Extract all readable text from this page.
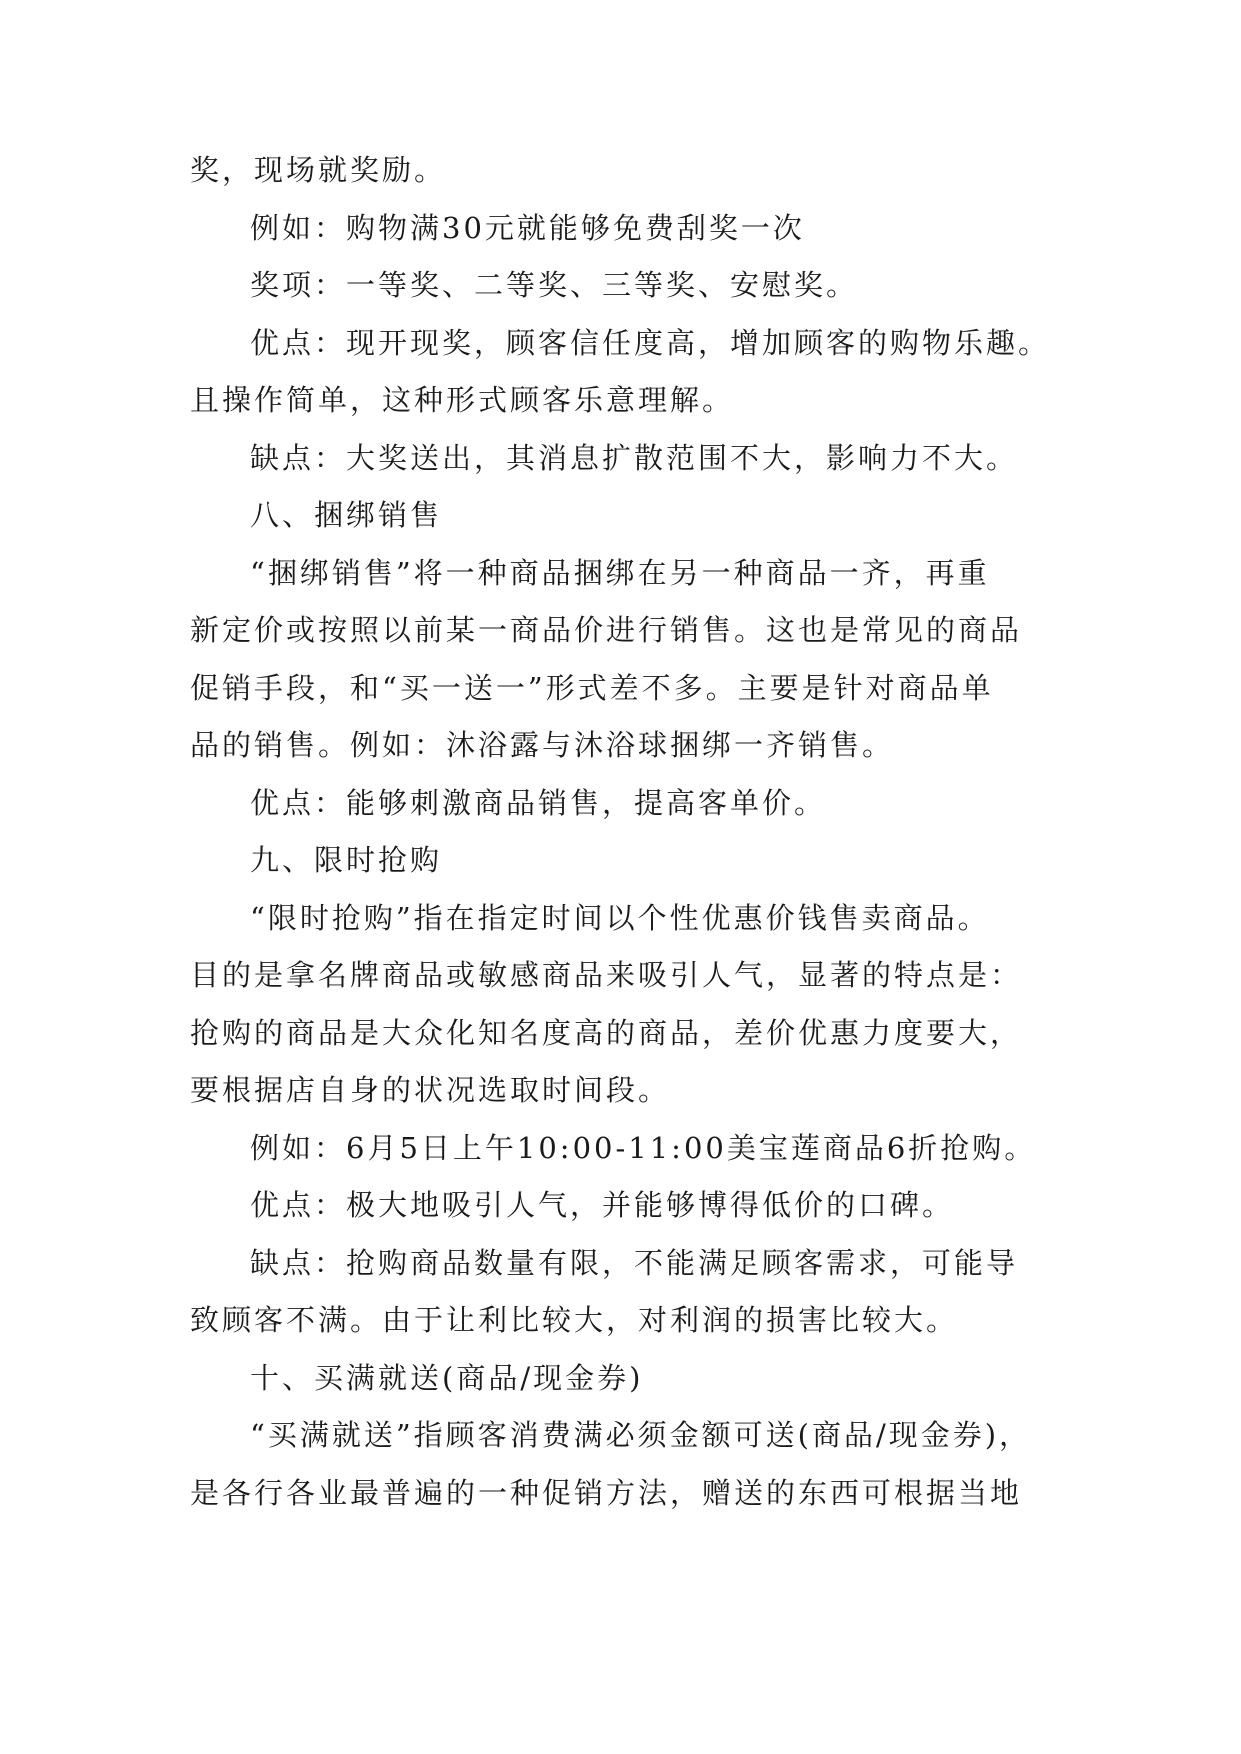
奖，现场就奖励。
例如：购物满30元就能够免费刮奖一次
奖项：一等奖、二等奖、三等奖、安慰奖。
优点：现开现奖，顾客信任度高，增加顾客的购物乐趣。
且操作简单，这种形式顾客乐意理解。
缺点：大奖送出，其消息扩散范围不大，影响力不大。
八、捆绑销售
“捆绑销售”将一种商品捆绑在另一种商品一齐，再重
新定价或按照以前某一商品价进行销售。这也是常见的商品
促销手段，和“买一送一”形式差不多。主要是针对商品单
品的销售。例如：沐浴露与沐浴球捆绑一齐销售。
优点：能够刺激商品销售，提高客单价。
九、限时抢购
“限时抢购”指在指定时间以个性优惠价钱售卖商品。
目的是拿名牌商品或敏感商品来吸引人气，显著的特点是：
抢购的商品是大众化知名度高的商品，差价优惠力度要大，
要根据店自身的状况选取时间段。
例如：6月5日上午10:00-11:00美宝莲商品6折抢购。
优点：极大地吸引人气，并能够博得低价的口碑。
缺点：抢购商品数量有限，不能满足顾客需求，可能导
致顾客不满。由于让利比较大，对利润的损害比较大。
十、买满就送(商品/现金券)
“买满就送”指顾客消费满必须金额可送(商品/现金券)，
是各行各业最普遍的一种促销方法，赠送的东西可根据当地
